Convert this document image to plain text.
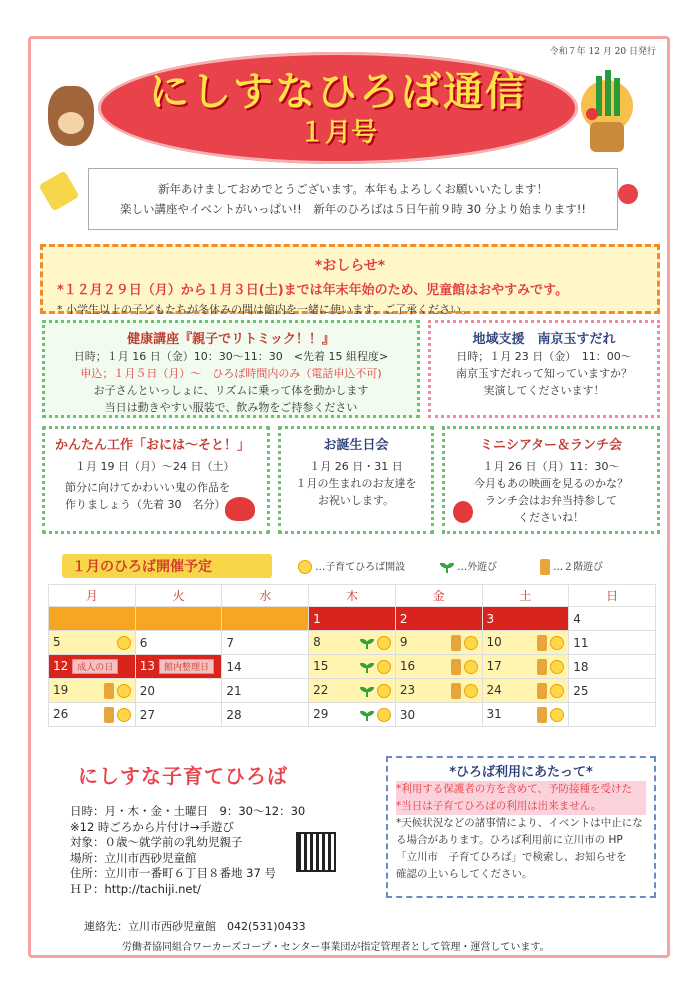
令和７年 12 月 20 日発行
にしすなひろば通信
１月号
新年あけましておめでとうございます。本年もよろしくお願いいたします！
楽しい講座やイベントがいっぱい!!　新年のひろばは５日午前９時 30 分より始まります!!
*おしらせ*
*１２月２９日（月）から１月３日(土)までは年末年始のため、児童館はおやすみです。
* 小学生以上の子どもたちが冬休みの間は館内を一緒に使います。ご了承ください。
健康講座『親子でリトミック！！』
日時；１月 16 日（金）10：30〜11：30　<先着 15 組程度>
申込；１月５日（月）〜　ひろば時間内のみ（電話申込不可)
お子さんといっしょに、リズムに乗って体を動かします
当日は動きやすい服装で、飲み物をご持参ください
地域支援　南京玉すだれ
日時；１月 23 日（金）　11：00〜
南京玉すだれって知っていますか？
実演してくださいます！
かんたん工作「おには〜そと！」
１月 19 日（月）〜24 日（土）
節分に向けてかわいい鬼の作品を
作りましょう（先着 30　名分）
お誕生日会
１月 26 日・31 日
１月の生まれのお友達を
お祝いします。
ミニシアター＆ランチ会
１月 26 日（月）11：30〜
今月もあの映画を見るのかな？
ランチ会はお弁当持参して
くださいね！
１月のひろば開催予定	…子育てひろば開設	…外遊び	…２階遊び
月	火	水	木	金	土	日
			1	2	3	4
5	6	7	8	9	10	11
12 成人の日	13 館内整理日	14	15	16	17	18
19	20	21	22	23	24	25
26	27	28	29	30	31

にしすな子育てひろば
日時：月・木・金・土曜日　9：30〜12：30
※12 時ごろから片付け→手遊び
対象：０歳〜就学前の乳幼児親子
場所：立川市西砂児童館
住所：立川市一番町６丁目８番地 37 号
ＨＰ：http://tachiji.net/
*ひろば利用にあたって*
*利用する保護者の方を含めて、予防接種を受けた
*当日は子育てひろばの利用は出来ません。
*天候状況などの諸事情により、イベントは中止にな
る場合があります。ひろば利用前に立川市の HP
「立川市　子育てひろば」で検索し、お知らせを
確認の上いらしてください。
連絡先：立川市西砂児童館　042(531)0433
労働者協同組合ワーカーズコープ・センター事業団が指定管理者として管理・運営しています。
